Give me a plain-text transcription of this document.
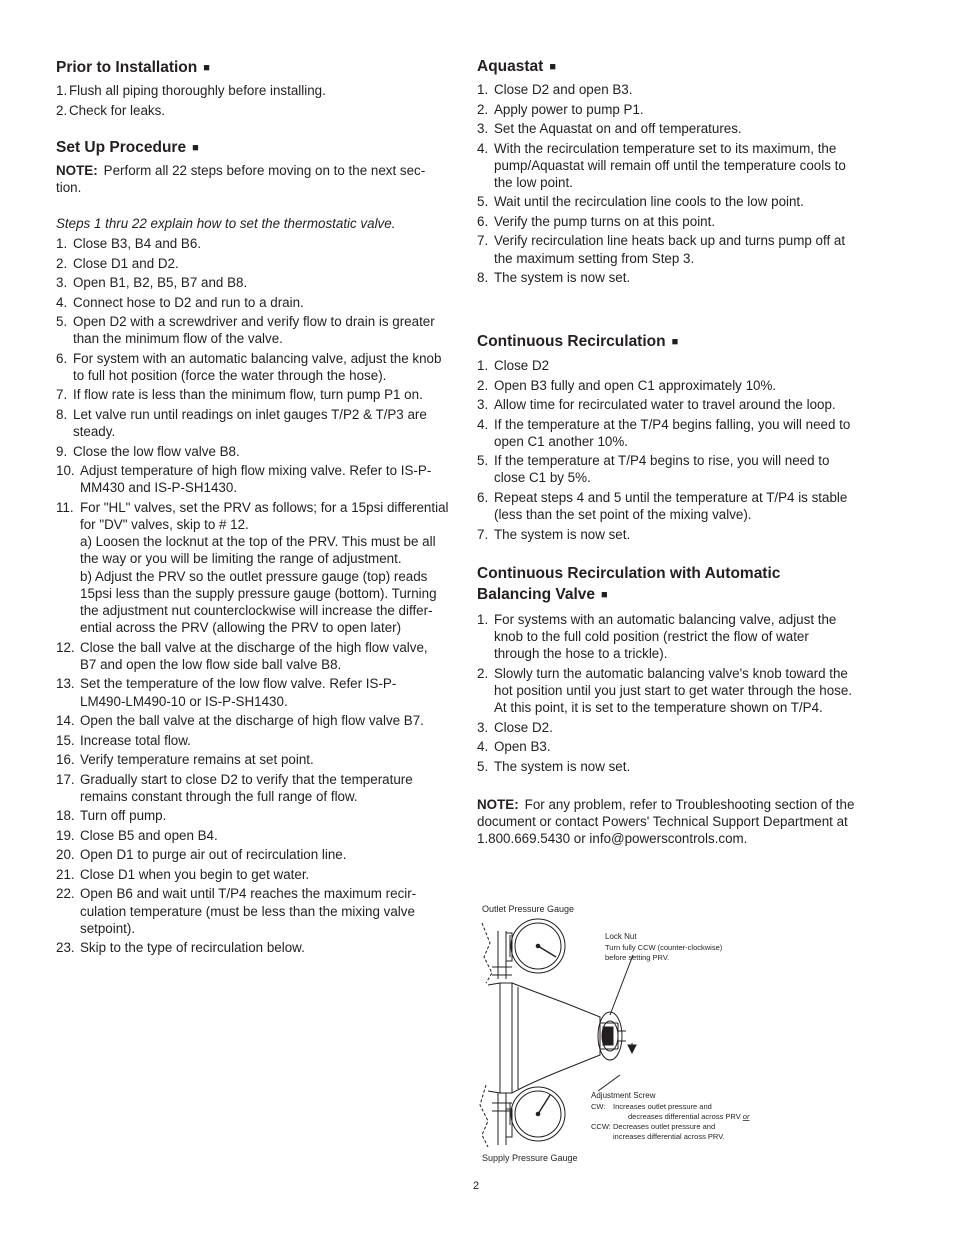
Prior to Installation ■
1. Flush all piping thoroughly before installing.
2. Check for leaks.
Set Up Procedure ■
NOTE: Perform all 22 steps before moving on to the next sec-
tion.
Steps 1 thru 22 explain how to set the thermostatic valve.
1. Close B3, B4 and B6.
2. Close D1 and D2.
3. Open B1, B2, B5, B7 and B8.
4. Connect hose to D2 and run to a drain.
5. Open D2 with a screwdriver and verify flow to drain is greater
than the minimum flow of the valve.
6. For system with an automatic balancing valve, adjust the knob
to full hot position (force the water through the hose).
7. If flow rate is less than the minimum flow, turn pump P1 on.
8. Let valve run until readings on inlet gauges T/P2 & T/P3 are
steady.
9. Close the low flow valve B8.
10. Adjust temperature of high flow mixing valve. Refer to IS-P-
MM430 and IS-P-SH1430.
11. For "HL" valves, set the PRV as follows; for a 15psi differential
for "DV" valves, skip to # 12.
a) Loosen the locknut at the top of the PRV. This must be all
the way or you will be limiting the range of adjustment.
b) Adjust the PRV so the outlet pressure gauge (top) reads
15psi less than the supply pressure gauge (bottom). Turning
the adjustment nut counterclockwise will increase the differ-
ential across the PRV (allowing the PRV to open later)
12. Close the ball valve at the discharge of the high flow valve,
B7 and open the low flow side ball valve B8.
13. Set the temperature of the low flow valve. Refer IS-P-
LM490-LM490-10 or IS-P-SH1430.
14. Open the ball valve at the discharge of high flow valve B7.
15. Increase total flow.
16. Verify temperature remains at set point.
17. Gradually start to close D2 to verify that the temperature
remains constant through the full range of flow.
18. Turn off pump.
19. Close B5 and open B4.
20. Open D1 to purge air out of recirculation line.
21. Close D1 when you begin to get water.
22. Open B6 and wait until T/P4 reaches the maximum recir-
culation temperature (must be less than the mixing valve
setpoint).
23. Skip to the type of recirculation below.
Aquastat ■
1. Close D2 and open B3.
2. Apply power to pump P1.
3. Set the Aquastat on and off temperatures.
4. With the recirculation temperature set to its maximum, the
pump/Aquastat will remain off until the temperature cools to
the low point.
5. Wait until the recirculation line cools to the low point.
6. Verify the pump turns on at this point.
7. Verify recirculation line heats back up and turns pump off at
the maximum setting from Step 3.
8. The system is now set.
Continuous Recirculation ■
1. Close D2
2. Open B3 fully and open C1 approximately 10%.
3. Allow time for recirculated water to travel around the loop.
4. If the temperature at the T/P4 begins falling, you will need to
open C1 another 10%.
5. If the temperature at T/P4 begins to rise, you will need to
close C1 by 5%.
6. Repeat steps 4 and 5 until the temperature at T/P4 is stable
(less than the set point of the mixing valve).
7. The system is now set.
Continuous Recirculation with Automatic
Balancing Valve ■
1. For systems with an automatic balancing valve, adjust the
knob to the full cold position (restrict the flow of water
through the hose to a trickle).
2. Slowly turn the automatic balancing valve's knob toward the
hot position until you just start to get water through the hose.
At this point, it is set to the temperature shown on T/P4.
3. Close D2.
4. Open B3.
5. The system is now set.
NOTE: For any problem, refer to Troubleshooting section of the
document or contact Powers' Technical Support Department at
1.800.669.5430 or info@powerscontrols.com.
Outlet Pressure Gauge
Lock Nut
Turn fully CCW (counter-clockwise)
before setting PRV.
Adjustment Screw
CW: Increases outlet pressure and
decreases differential across PRV or
CCW: Decreases outlet pressure and
increases differential across PRV.
Supply Pressure Gauge
2
